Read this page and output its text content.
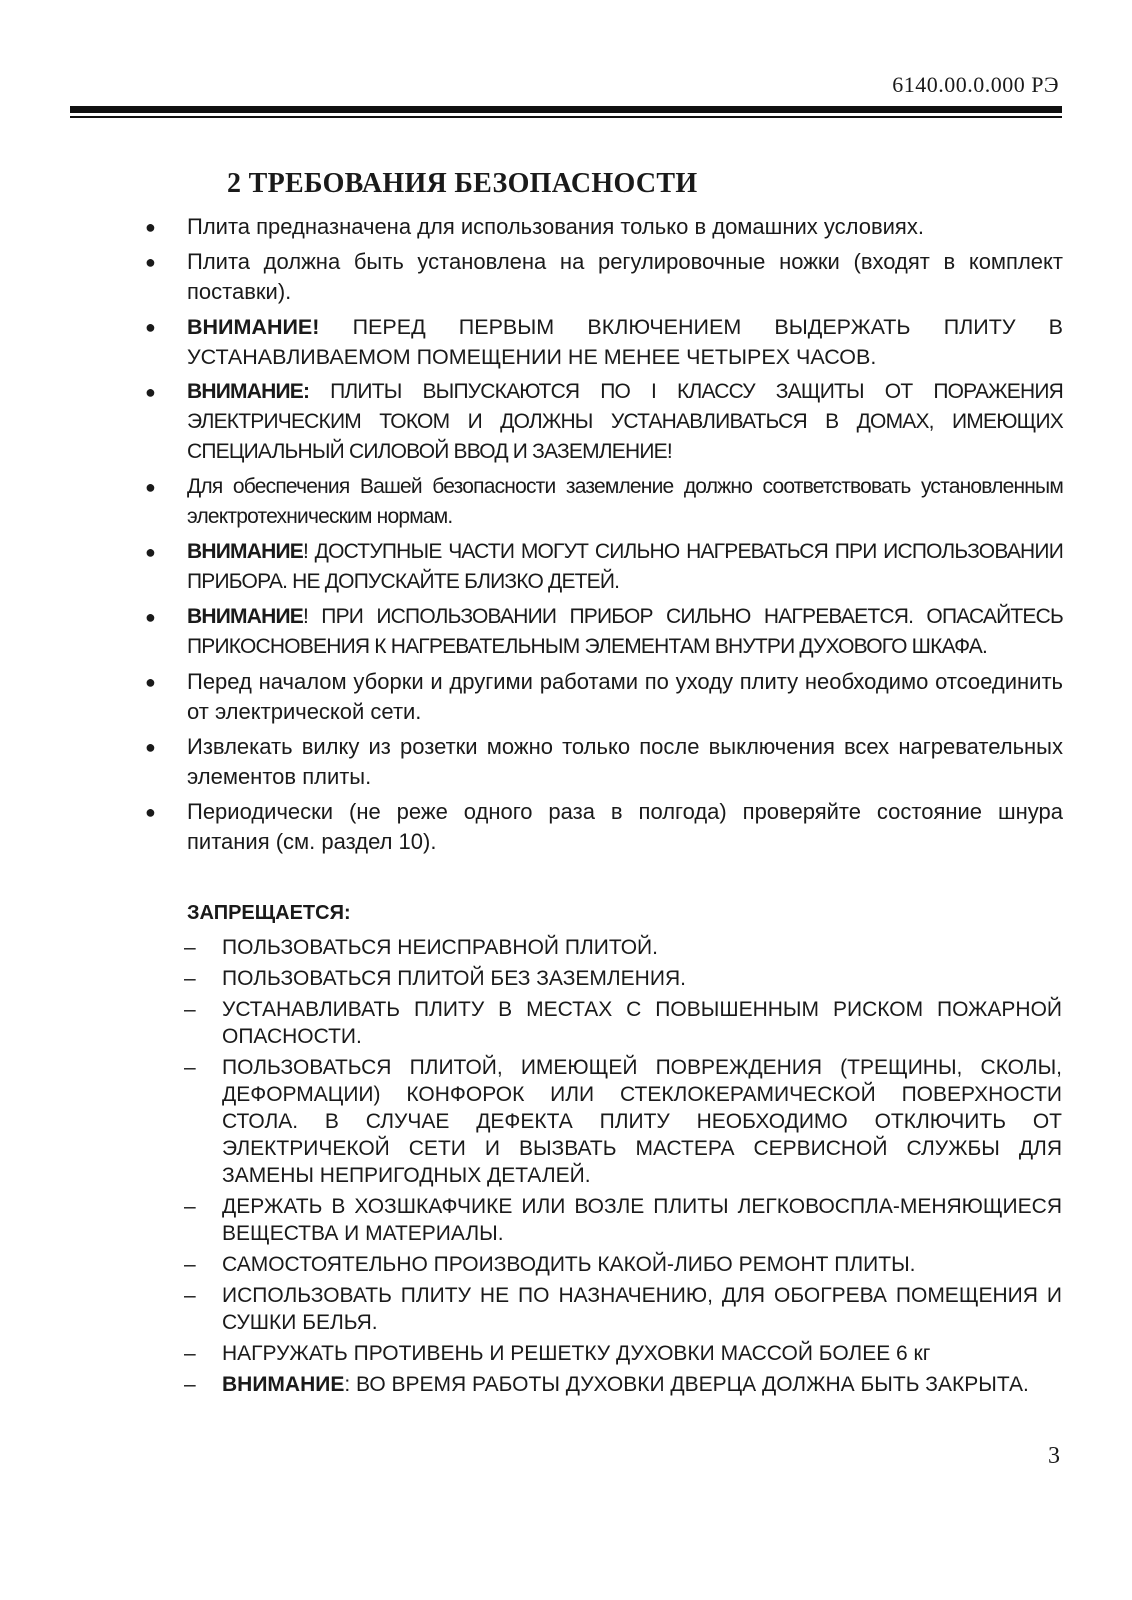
6140.00.0.000 РЭ
2 ТРЕБОВАНИЯ БЕЗОПАСНОСТИ
● Плита предназначена для использования только в домашних условиях.
● Плита должна быть установлена на регулировочные ножки (входят в комплект поставки).
● ВНИМАНИЕ! ПЕРЕД ПЕРВЫМ ВКЛЮЧЕНИЕМ ВЫДЕРЖАТЬ ПЛИТУ В УСТАНАВЛИВАЕМОМ ПОМЕЩЕНИИ НЕ МЕНЕЕ ЧЕТЫРЕХ ЧАСОВ.
● ВНИМАНИЕ: ПЛИТЫ ВЫПУСКАЮТСЯ ПО I КЛАССУ ЗАЩИТЫ ОТ ПОРАЖЕНИЯ ЭЛЕКТРИЧЕСКИМ ТОКОМ И ДОЛЖНЫ УСТАНАВЛИВАТЬСЯ В ДОМАХ, ИМЕЮЩИХ СПЕЦИАЛЬНЫЙ СИЛОВОЙ ВВОД И ЗАЗЕМЛЕНИЕ!
● Для обеспечения Вашей безопасности заземление должно соответствовать установленным электротехническим нормам.
● ВНИМАНИЕ! ДОСТУПНЫЕ ЧАСТИ МОГУТ СИЛЬНО НАГРЕВАТЬСЯ ПРИ ИСПОЛЬЗОВАНИИ ПРИБОРА. НЕ ДОПУСКАЙТЕ БЛИЗКО ДЕТЕЙ.
● ВНИМАНИЕ! ПРИ ИСПОЛЬЗОВАНИИ ПРИБОР СИЛЬНО НАГРЕВАЕТСЯ. ОПАСАЙТЕСЬ ПРИКОСНОВЕНИЯ К НАГРЕВАТЕЛЬНЫМ ЭЛЕМЕНТАМ ВНУТРИ ДУХОВОГО ШКАФА.
● Перед началом уборки и другими работами по уходу плиту необходимо отсоединить от электрической сети.
● Извлекать вилку из розетки можно только после выключения всех нагревательных элементов плиты.
● Периодически (не реже одного раза в полгода) проверяйте состояние шнура питания (см. раздел 10).
ЗАПРЕЩАЕТСЯ:
– ПОЛЬЗОВАТЬСЯ НЕИСПРАВНОЙ ПЛИТОЙ.
– ПОЛЬЗОВАТЬСЯ ПЛИТОЙ БЕЗ ЗАЗЕМЛЕНИЯ.
– УСТАНАВЛИВАТЬ ПЛИТУ В МЕСТАХ С ПОВЫШЕННЫМ РИСКОМ ПОЖАРНОЙ ОПАСНОСТИ.
– ПОЛЬЗОВАТЬСЯ ПЛИТОЙ, ИМЕЮЩЕЙ ПОВРЕЖДЕНИЯ (ТРЕЩИНЫ, СКОЛЫ, ДЕФОРМАЦИИ) КОНФОРОК ИЛИ СТЕКЛОКЕРАМИЧЕСКОЙ ПОВЕРХНОСТИ СТОЛА. В СЛУЧАЕ ДЕФЕКТА ПЛИТУ НЕОБХОДИМО ОТКЛЮЧИТЬ ОТ ЭЛЕКТРИЧЕКОЙ СЕТИ И ВЫЗВАТЬ МАСТЕРА СЕРВИСНОЙ СЛУЖБЫ ДЛЯ ЗАМЕНЫ НЕПРИГОДНЫХ ДЕТАЛЕЙ.
– ДЕРЖАТЬ В ХОЗШКАФЧИКЕ ИЛИ ВОЗЛЕ ПЛИТЫ ЛЕГКОВОСПЛА-МЕНЯЮЩИЕСЯ ВЕЩЕСТВА И МАТЕРИАЛЫ.
– САМОСТОЯТЕЛЬНО ПРОИЗВОДИТЬ КАКОЙ-ЛИБО РЕМОНТ ПЛИТЫ.
– ИСПОЛЬЗОВАТЬ ПЛИТУ НЕ ПО НАЗНАЧЕНИЮ, ДЛЯ ОБОГРЕВА ПОМЕЩЕНИЯ И СУШКИ БЕЛЬЯ.
– НАГРУЖАТЬ ПРОТИВЕНЬ И РЕШЕТКУ ДУХОВКИ МАССОЙ БОЛЕЕ 6 кг
– ВНИМАНИЕ: ВО ВРЕМЯ РАБОТЫ ДУХОВКИ ДВЕРЦА ДОЛЖНА БЫТЬ ЗАКРЫТА.
3
